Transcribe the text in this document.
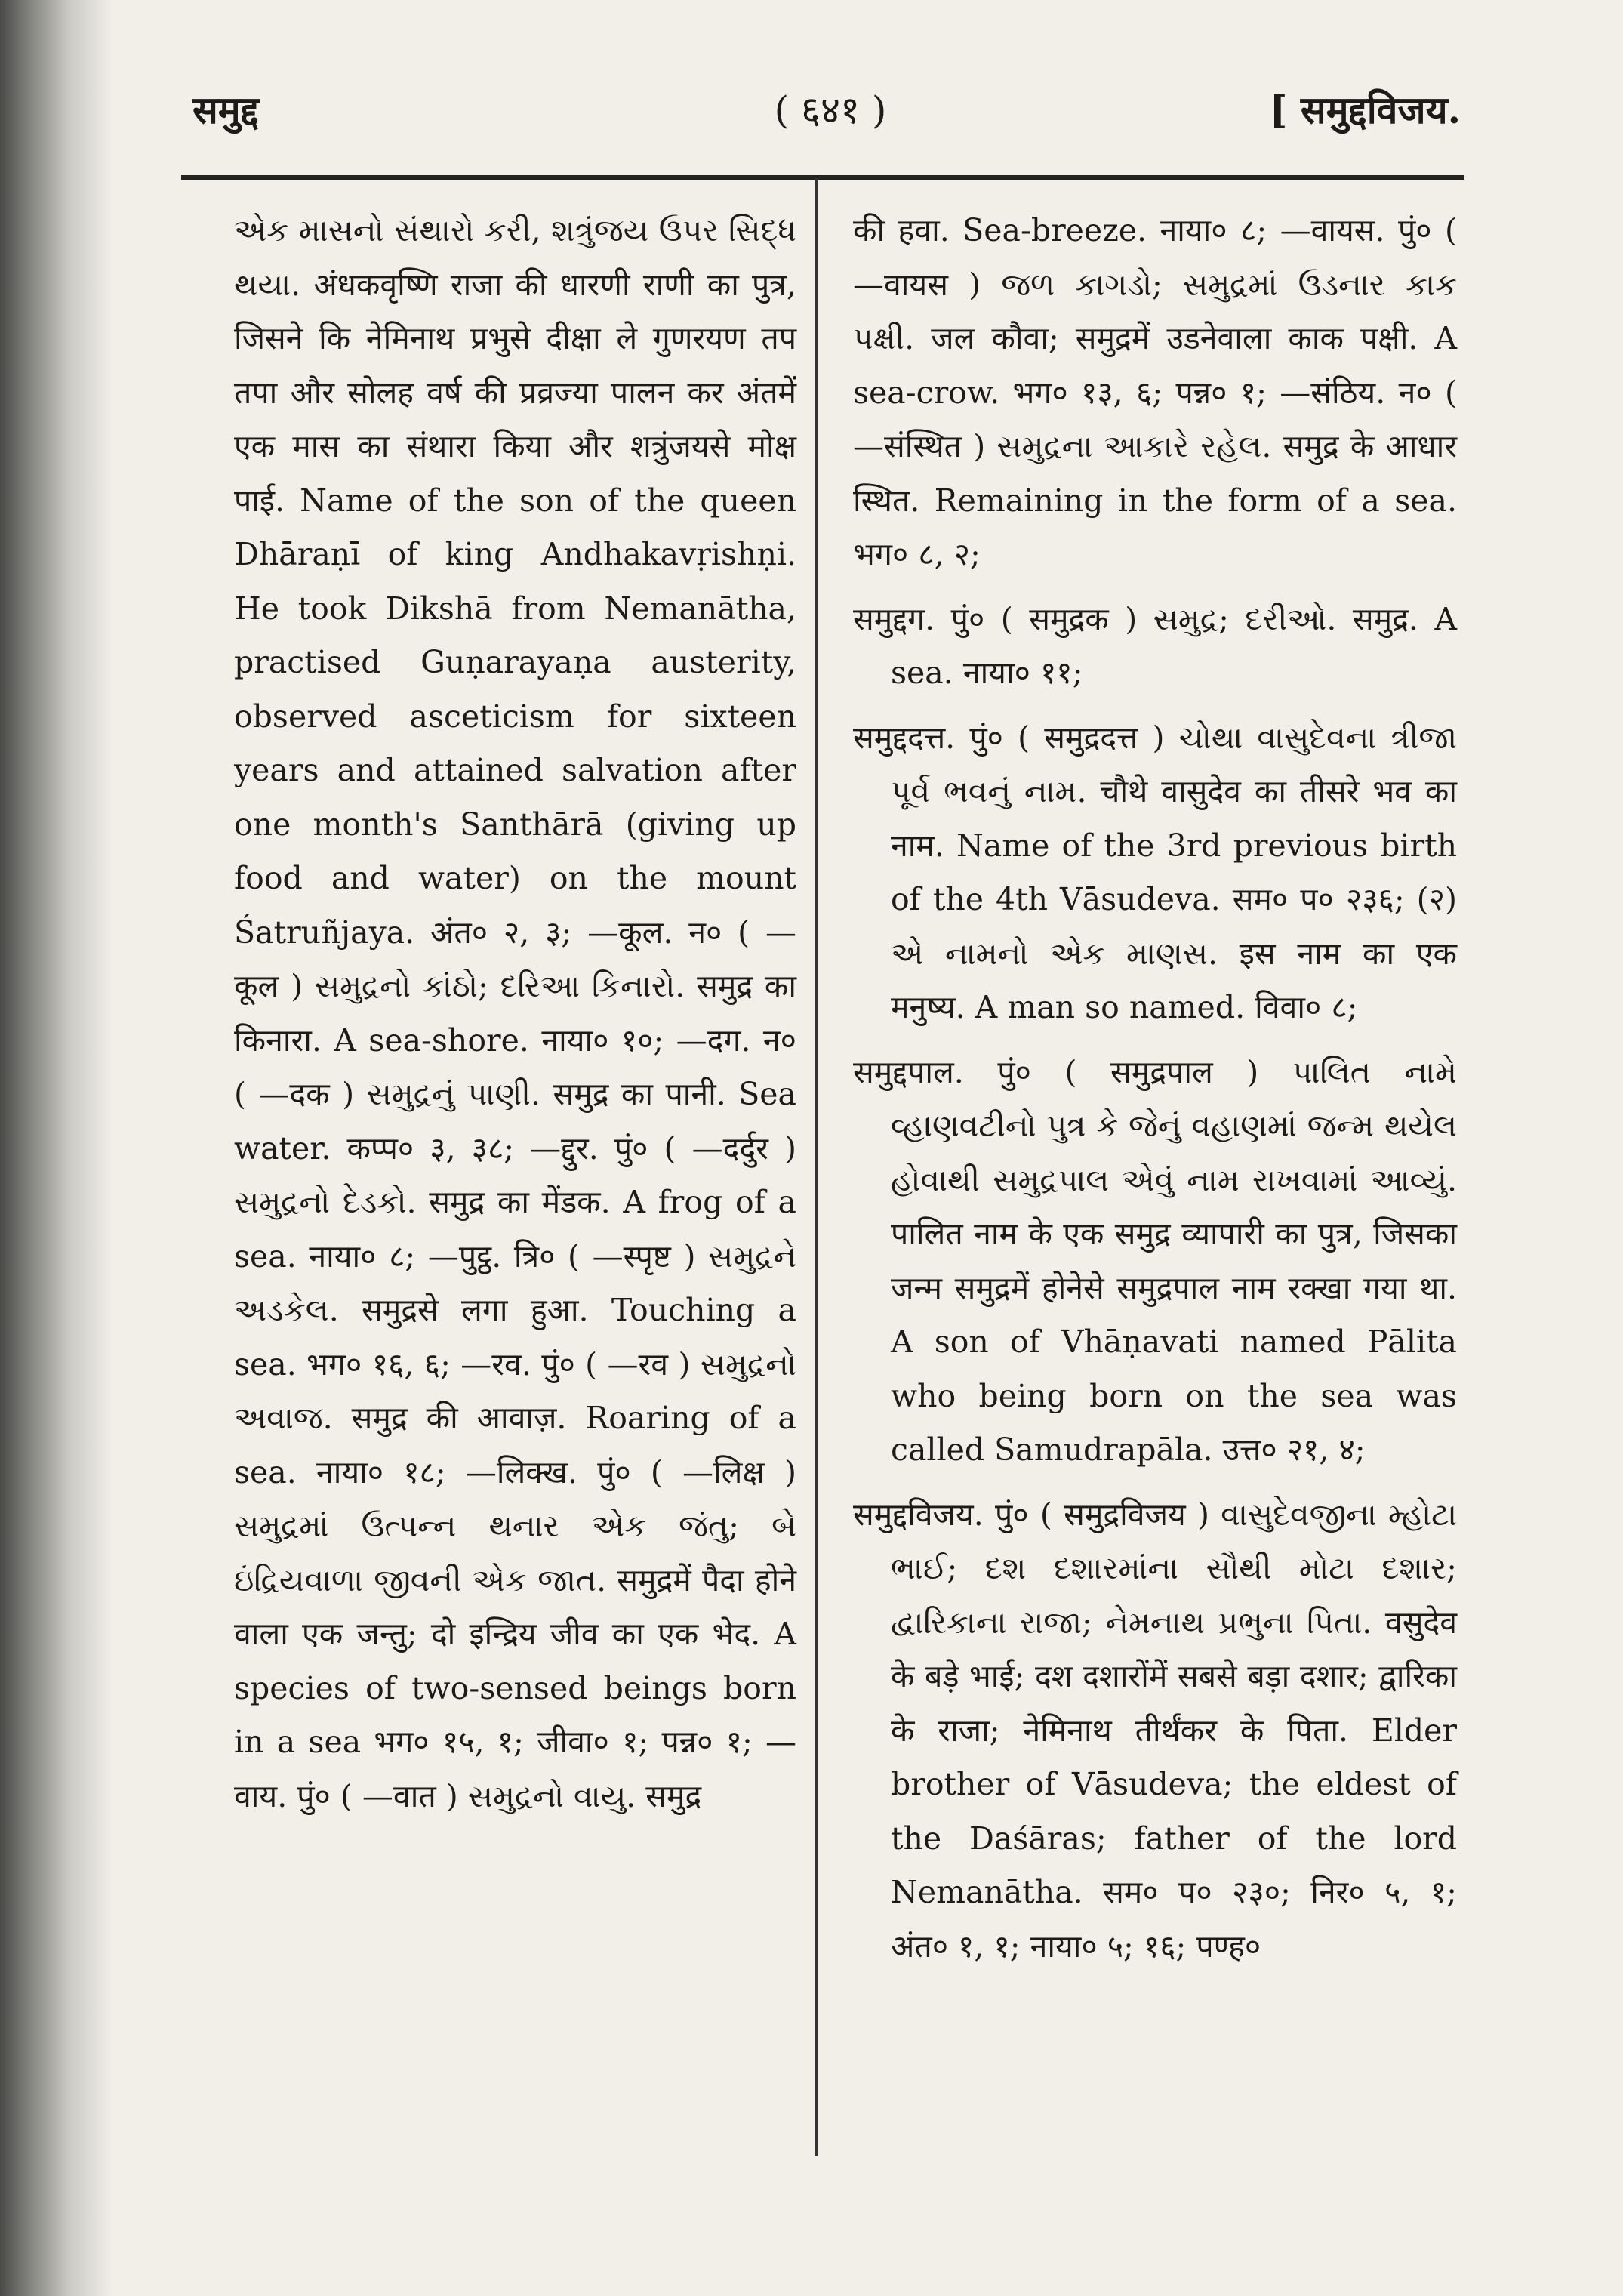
समुद्द	( ६४१ )	[ समुद्दविजय.

એક માસનો સંથારો કરી, શત્રુંજય ઉપર સિદ્ધ થયા. अंधकवृष्णि राजा की धारणी राणी का पुत्र, जिसने कि नेमिनाथ प्रभुसे दीक्षा ले गुणरयण तप तपा और सोलह वर्ष की प्रव्रज्या पालन कर अंतमें एक मास का संथारा किया और शत्रुंजयसे मोक्ष पाई. Name of the son of the queen Dhāraṇī of king Andhakavṛishṇi. He took Dikshā from Nemanātha, practised Guṇarayaṇa austerity, observed asceticism for sixteen years and attained salvation after one month's Santhārā (giving up food and water) on the mount Śatruñjaya. अंत० २, ३; —कूल. न० ( —कूल ) સમુદ્રનો કાંઠો; દરિઆ કિનારો. समुद्र का किनारा. A sea-shore. नाया० १०; —दग. न० ( —दक ) સમુદ્રનું પાણી. समुद्र का पानी. Sea water. कप्प० ३, ३८; —द्दुर. पुं० ( —दर्दुर ) સમુદ્રનો દેડકો. समुद्र का मेंडक. A frog of a sea. नाया० ८; —पुट्ठ. त्रि० ( —स्पृष्ट ) સમુદ્રને અડકેલ. समुद्रसे लगा हुआ. Touching a sea. भग० १६, ६; —रव. पुं० ( —रव ) સમુદ્રનો અવાજ. समुद्र की आवाज़. Roaring of a sea. नाया० १८; —लिक्ख. पुं० ( —लिक्ष ) સમુદ્રમાં ઉત્પન્ન થનાર એક જંતુ; બે ઇંદ્રિયવાળા જીવની એક જાત. समुद्रमें पैदा होने वाला एक जन्तु; दो इन्द्रिय जीव का एक भेद. A species of two-sensed beings born in a sea भग० १५, १; जीवा० १; पन्न० १; —वाय. पुं० ( —वात ) સમુદ્રનો વાયુ. समुद्र

की हवा. Sea-breeze. नाया० ८; —वायस. पुं० ( —वायस ) જળ કાગડો; સમુદ્રમાં ઉડનાર કાક પક્ષી. जल कौवा; समुद्रमें उडनेवाला काक पक्षी. A sea-crow. भग० १३, ६; पन्न० १; —संठिय. न० ( —संस्थित ) સમુદ્રના આકારે રહેલ. समुद्र के आधार स्थित. Remaining in the form of a sea. भग० ८, २;

समुद्दग. पुं० ( समुद्रक ) સમુદ્ર; દરીઓ. समुद्र. A sea. नाया० ११;

समुद्ददत्त. पुं० ( समुद्रदत्त ) ચોથા વાસુદેવના ત્રીજા પૂર્વ ભવનું નામ. चौथे वासुदेव का तीसरे भव का नाम. Name of the 3rd previous birth of the 4th Vāsudeva. सम० प० २३६; (२) એ નામનો એક માણસ. इस नाम का एक मनुष्य. A man so named. विवा० ८;

समुद्दपाल. पुं० ( समुद्रपाल ) પાલિત નામે વ્હાણવટીનો પુત્ર કે જેનું વહાણમાં જન્મ થયેલ હોવાથી સમુદ્રપાલ એવું નામ રાખવામાં આવ્યું. पालित नाम के एक समुद्र व्यापारी का पुत्र, जिसका जन्म समुद्रमें होनेसे समुद्रपाल नाम रक्खा गया था. A son of Vhāṇavati named Pālita who being born on the sea was called Samudrapāla. उत्त० २१, ४;

समुद्दविजय. पुं० ( समुद्रविजय ) વાસુદેવજીના મ્હોટા ભાઈ; દશ દશારમાંના સૌથી મોટા દશાર; દ્વારિકાના રાજા; નેમનાથ પ્રભુના પિતા. वसुदेव के बड़े भाई; दश दशारोंमें सबसे बड़ा दशार; द्वारिका के राजा; नेमिनाथ तीर्थंकर के पिता. Elder brother of Vāsudeva; the eldest of the Daśāras; father of the lord Nemanātha. सम० प० २३०; निर० ५, १; अंत० १, १; नाया० ५; १६; पण्ह०
